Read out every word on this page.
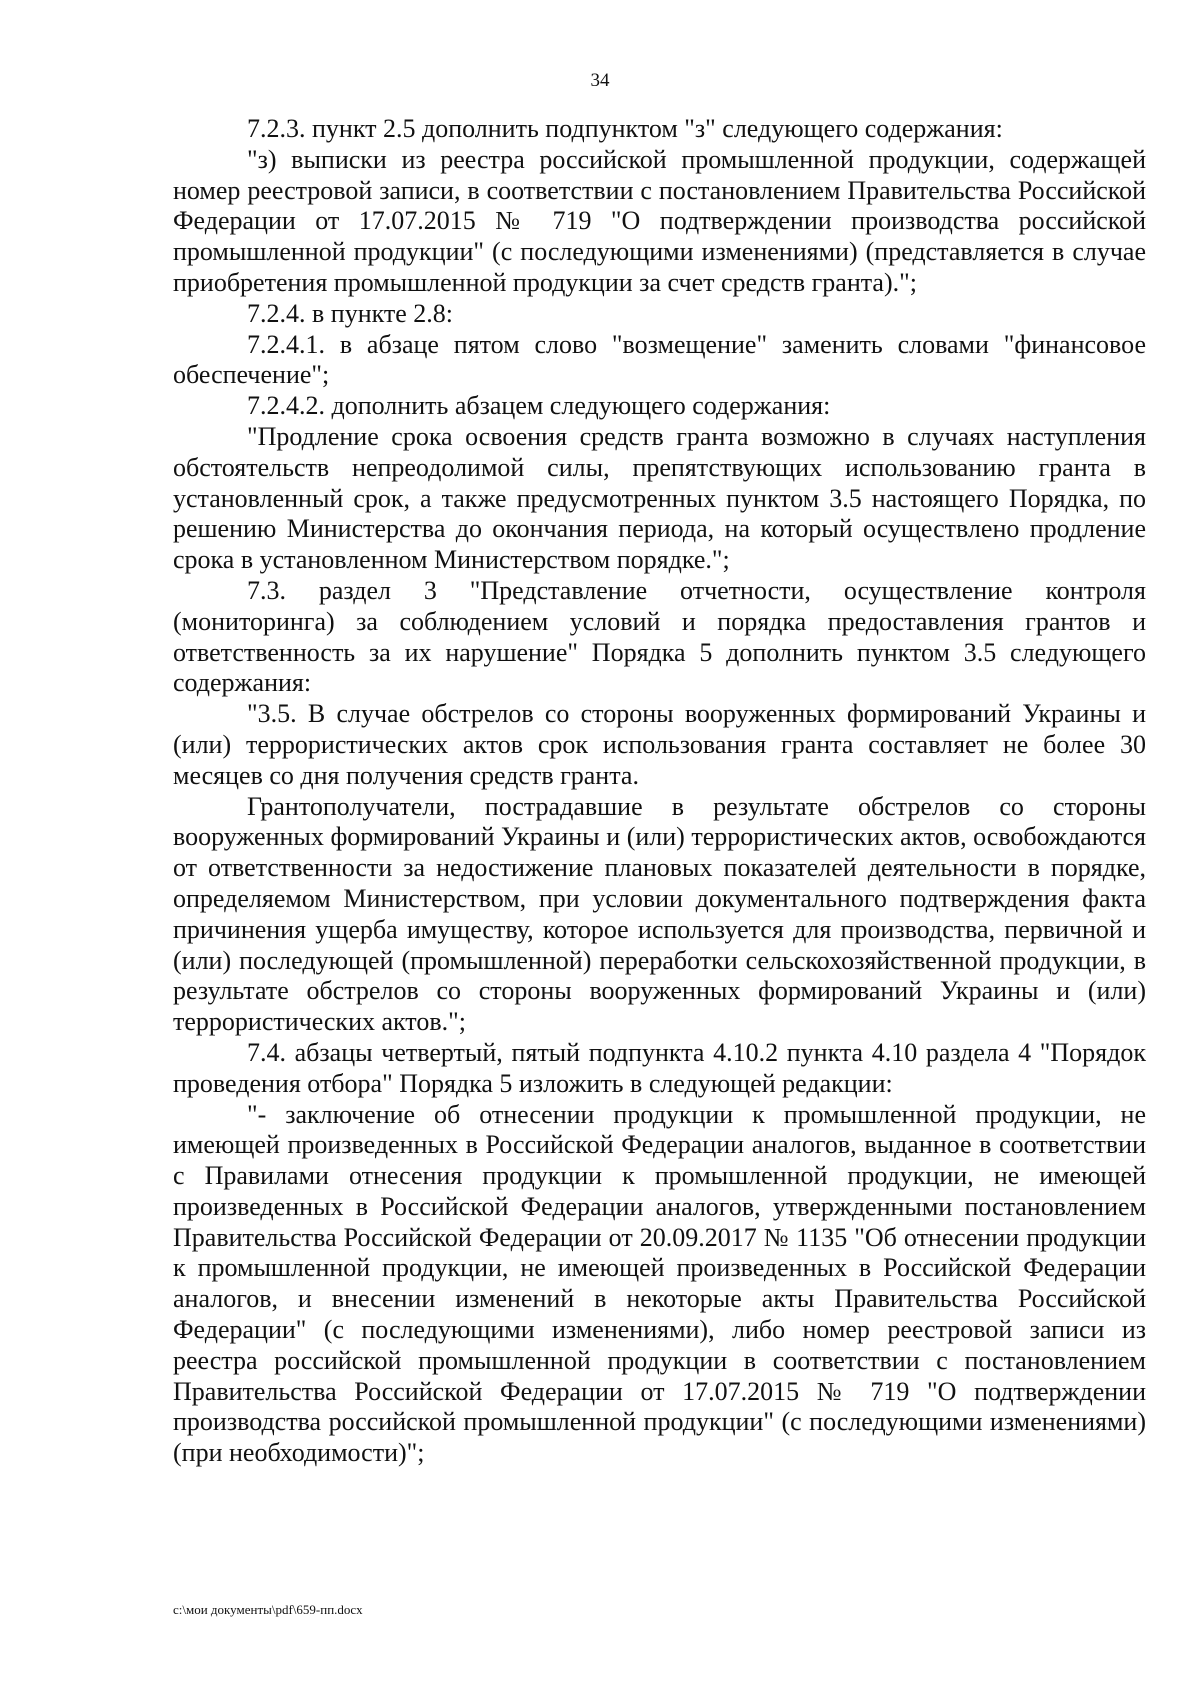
34

7.2.3. пункт 2.5 дополнить подпунктом "з" следующего содержания:

"з) выписки из реестра российской промышленной продукции, содержащей номер реестровой записи, в соответствии с постановлением Правительства Российской Федерации от 17.07.2015 № 719 "О подтверждении производства российской промышленной продукции" (с последующими изменениями) (представляется в случае приобретения промышленной продукции за счет средств гранта).";

7.2.4. в пункте 2.8:

7.2.4.1. в абзаце пятом слово "возмещение" заменить словами "финансовое обеспечение";

7.2.4.2. дополнить абзацем следующего содержания:

"Продление срока освоения средств гранта возможно в случаях наступления обстоятельств непреодолимой силы, препятствующих использованию гранта в установленный срок, а также предусмотренных пунктом 3.5 настоящего Порядка, по решению Министерства до окончания периода, на который осуществлено продление срока в установленном Министерством порядке.";

7.3. раздел 3 "Представление отчетности, осуществление контроля (мониторинга) за соблюдением условий и порядка предоставления грантов и ответственность за их нарушение" Порядка 5 дополнить пунктом 3.5 следующего содержания:

"3.5. В случае обстрелов со стороны вооруженных формирований Украины и (или) террористических актов срок использования гранта составляет не более 30 месяцев со дня получения средств гранта.

Грантополучатели, пострадавшие в результате обстрелов со стороны вооруженных формирований Украины и (или) террористических актов, освобождаются от ответственности за недостижение плановых показателей деятельности в порядке, определяемом Министерством, при условии документального подтверждения факта причинения ущерба имуществу, которое используется для производства, первичной и (или) последующей (промышленной) переработки сельскохозяйственной продукции, в результате обстрелов со стороны вооруженных формирований Украины и (или) террористических актов.";

7.4. абзацы четвертый, пятый подпункта 4.10.2 пункта 4.10 раздела 4 "Порядок проведения отбора" Порядка 5 изложить в следующей редакции:

"- заключение об отнесении продукции к промышленной продукции, не имеющей произведенных в Российской Федерации аналогов, выданное в соответствии с Правилами отнесения продукции к промышленной продукции, не имеющей произведенных в Российской Федерации аналогов, утвержденными постановлением Правительства Российской Федерации от 20.09.2017 № 1135 "Об отнесении продукции к промышленной продукции, не имеющей произведенных в Российской Федерации аналогов, и внесении изменений в некоторые акты Правительства Российской Федерации" (с последующими изменениями), либо номер реестровой записи из реестра российской промышленной продукции в соответствии с постановлением Правительства Российской Федерации от 17.07.2015 № 719 "О подтверждении производства российской промышленной продукции" (с последующими изменениями) (при необходимости)";

c:\мои документы\pdf\659-пп.docx
